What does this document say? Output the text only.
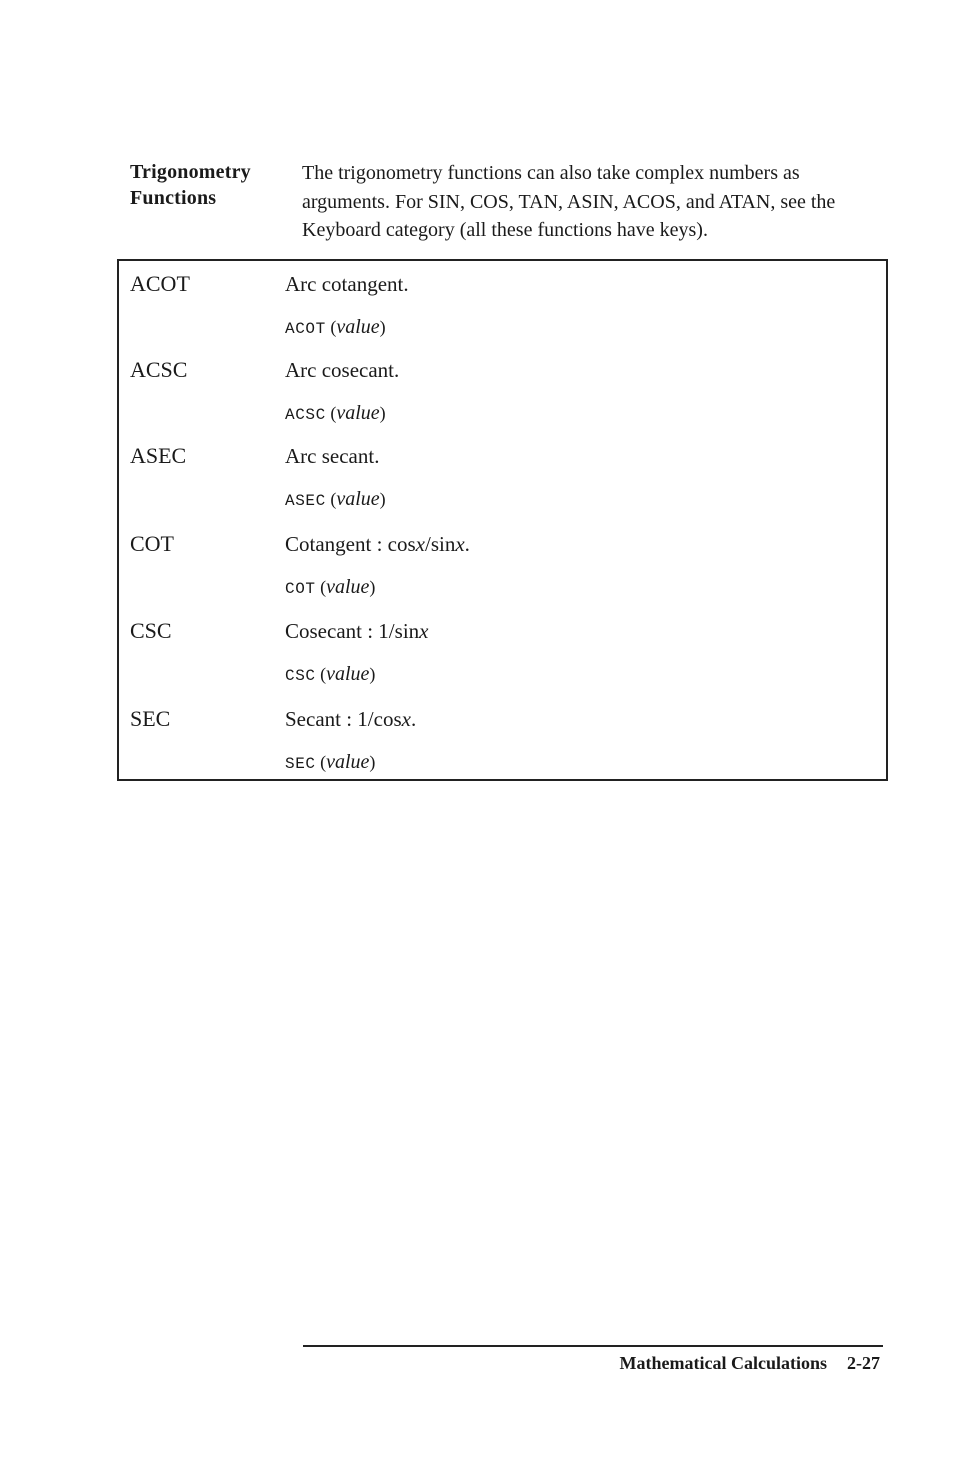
Trigonometry
Functions
The trigonometry functions can also take complex numbers as arguments. For SIN, COS, TAN, ASIN, ACOS, and ATAN, see the Keyboard category (all these functions have keys).
ACOT	Arc cotangent.
ACOT (value)
ACSC	Arc cosecant.
ACSC (value)
ASEC	Arc secant.
ASEC (value)
COT	Cotangent : cosx/sinx.
COT (value)
CSC	Cosecant : 1/sinx
CSC (value)
SEC	Secant : 1/cosx.
SEC (value)
Mathematical Calculations 2-27
